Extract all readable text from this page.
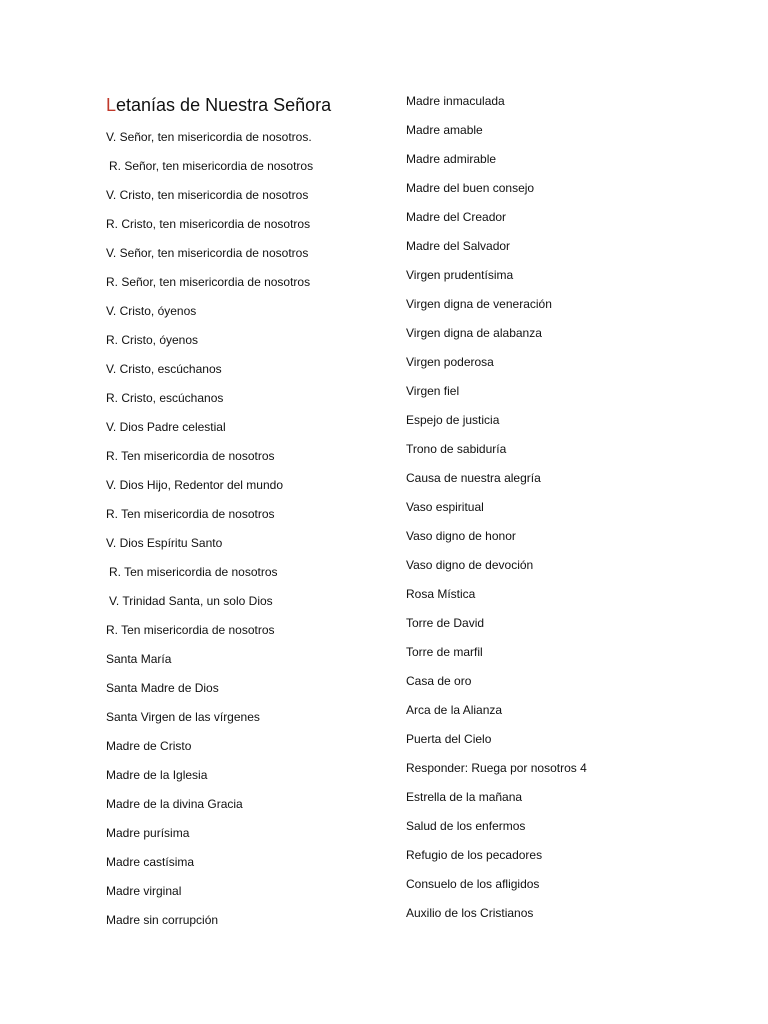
Letanías de Nuestra Señora
V. Señor, ten misericordia de nosotros.
R. Señor, ten misericordia de nosotros
V. Cristo, ten misericordia de nosotros
R. Cristo, ten misericordia de nosotros
V. Señor, ten misericordia de nosotros
R. Señor, ten misericordia de nosotros
V. Cristo, óyenos
R. Cristo, óyenos
V. Cristo, escúchanos
R. Cristo, escúchanos
V. Dios Padre celestial
R. Ten misericordia de nosotros
V. Dios Hijo, Redentor del mundo
R. Ten misericordia de nosotros
V. Dios Espíritu Santo
R. Ten misericordia de nosotros
V. Trinidad Santa, un solo Dios
R. Ten misericordia de nosotros
Santa María
Santa Madre de Dios
Santa Virgen de las vírgenes
Madre de Cristo
Madre de la Iglesia
Madre de la divina Gracia
Madre purísima
Madre castísima
Madre virginal
Madre sin corrupción
Madre inmaculada
Madre amable
Madre admirable
Madre del buen consejo
Madre del Creador
Madre del Salvador
Virgen prudentísima
Virgen digna de veneración
Virgen digna de alabanza
Virgen poderosa
Virgen fiel
Espejo de justicia
Trono de sabiduría
Causa de nuestra alegría
Vaso espiritual
Vaso digno de honor
Vaso digno de devoción
Rosa Mística
Torre de David
Torre de marfil
Casa de oro
Arca de la Alianza
Puerta del Cielo
Responder: Ruega por nosotros 4
Estrella de la mañana
Salud de los enfermos
Refugio de los pecadores
Consuelo de los afligidos
Auxilio de los Cristianos
